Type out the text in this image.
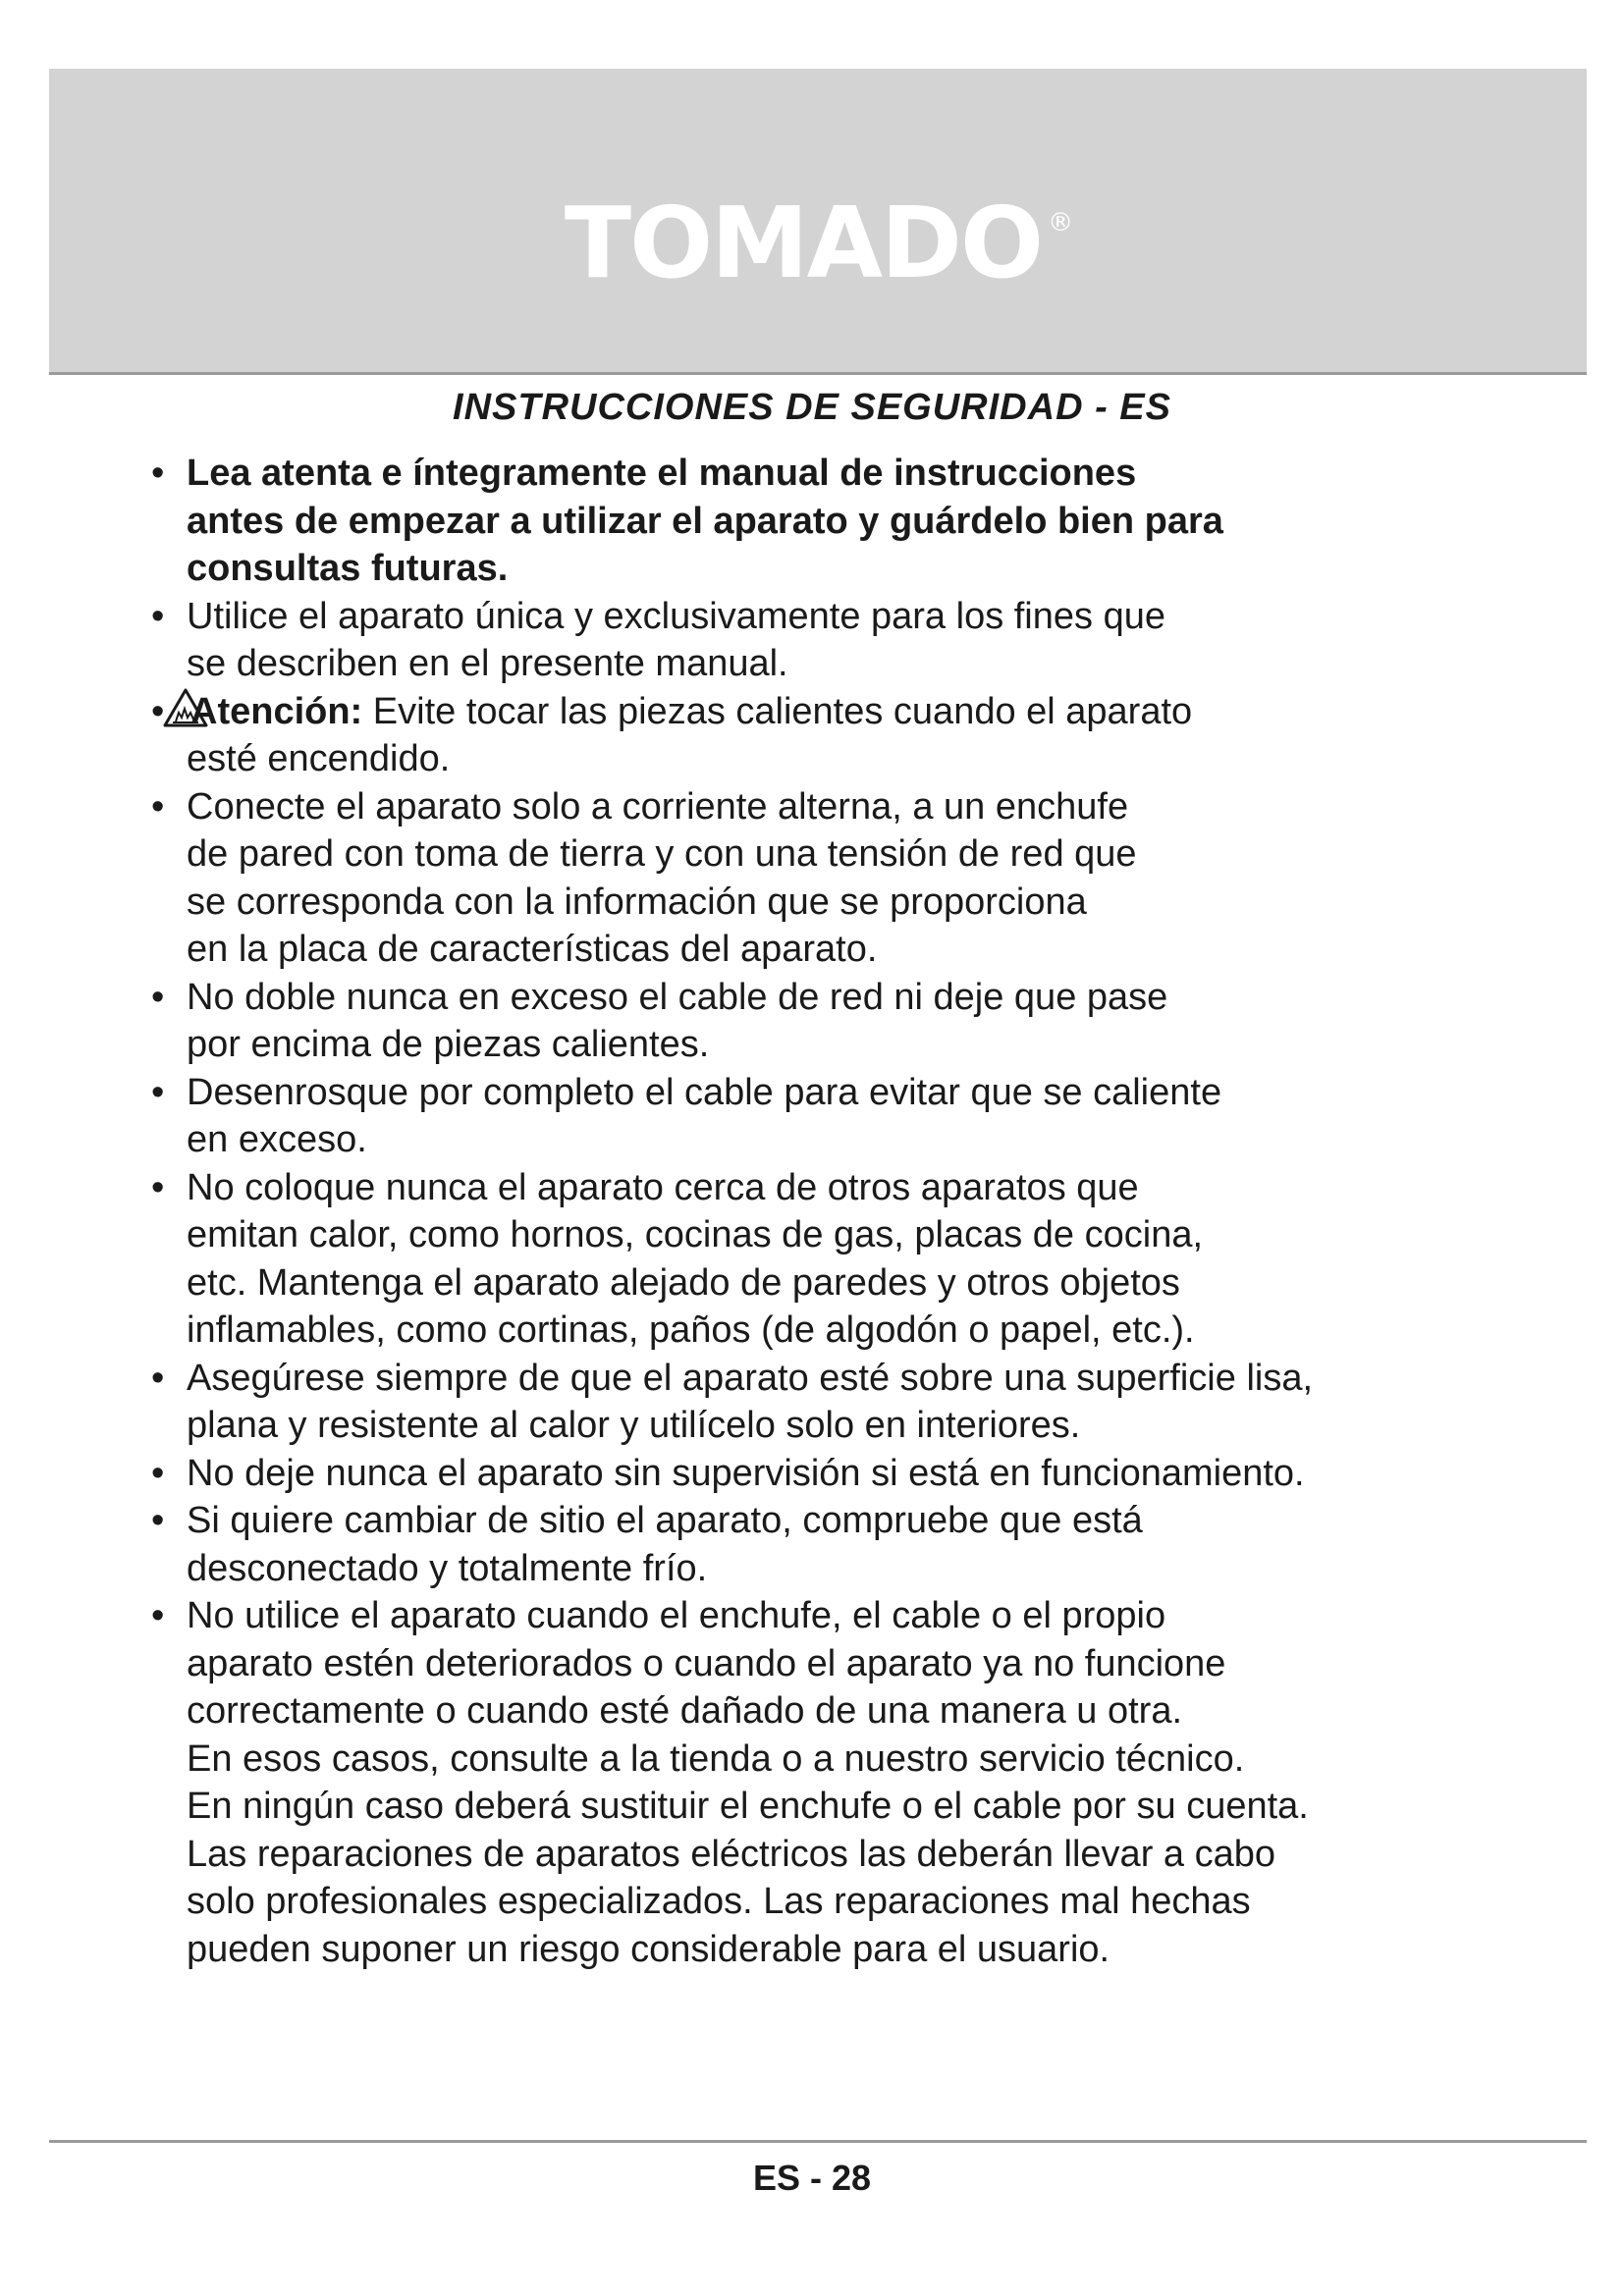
TOMADO ®
INSTRUCCIONES DE SEGURIDAD - ES
• Lea atenta e íntegramente el manual de instrucciones
antes de empezar a utilizar el aparato y guárdelo bien para
consultas futuras.
• Utilice el aparato única y exclusivamente para los fines que
se describen en el presente manual.
• Atención: Evite tocar las piezas calientes cuando el aparato
esté encendido.
• Conecte el aparato solo a corriente alterna, a un enchufe
de pared con toma de tierra y con una tensión de red que
se corresponda con la información que se proporciona
en la placa de características del aparato.
• No doble nunca en exceso el cable de red ni deje que pase
por encima de piezas calientes.
• Desenrosque por completo el cable para evitar que se caliente
en exceso.
• No coloque nunca el aparato cerca de otros aparatos que
emitan calor, como hornos, cocinas de gas, placas de cocina,
etc. Mantenga el aparato alejado de paredes y otros objetos
inflamables, como cortinas, paños (de algodón o papel, etc.).
• Asegúrese siempre de que el aparato esté sobre una superficie lisa,
plana y resistente al calor y utilícelo solo en interiores.
• No deje nunca el aparato sin supervisión si está en funcionamiento.
• Si quiere cambiar de sitio el aparato, compruebe que está
desconectado y totalmente frío.
• No utilice el aparato cuando el enchufe, el cable o el propio
aparato estén deteriorados o cuando el aparato ya no funcione
correctamente o cuando esté dañado de una manera u otra.
En esos casos, consulte a la tienda o a nuestro servicio técnico.
En ningún caso deberá sustituir el enchufe o el cable por su cuenta.
Las reparaciones de aparatos eléctricos las deberán llevar a cabo
solo profesionales especializados. Las reparaciones mal hechas
pueden suponer un riesgo considerable para el usuario.
ES - 28
